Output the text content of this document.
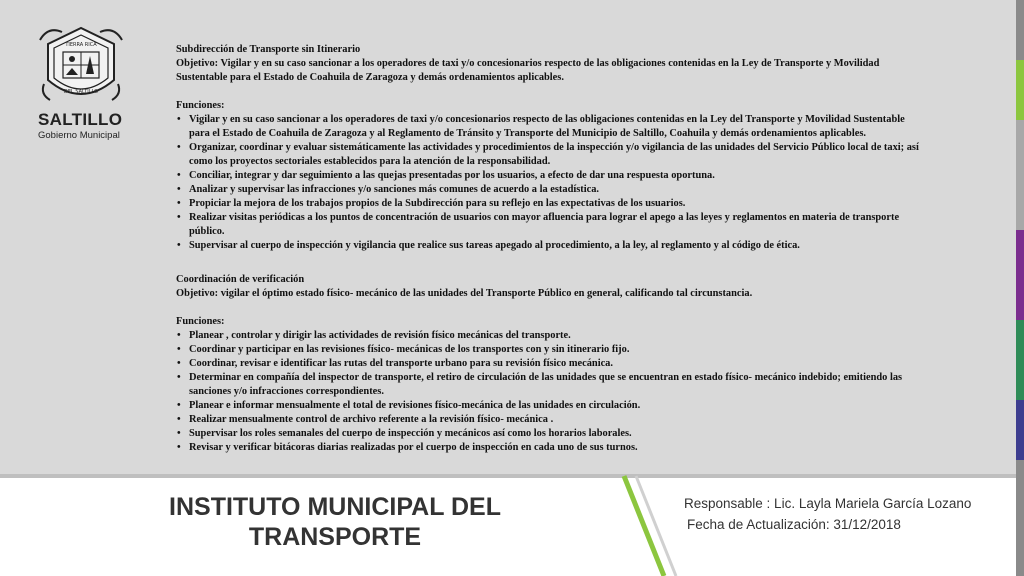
TIERRA RICA
DEL SALTILLO
SALTILLO
Gobierno Municipal

Subdirección de Transporte sin Itinerario

Objetivo: Vigilar y en su caso sancionar a los operadores de taxi y/o concesionarios respecto de las obligaciones contenidas en la Ley de Transporte y Movilidad Sustentable para el Estado de Coahuila de Zaragoza y demás ordenamientos aplicables.

Funciones:

• Vigilar y en su caso sancionar a los operadores de taxi y/o concesionarios respecto de las obligaciones contenidas en la Ley del Transporte y Movilidad Sustentable para el Estado de Coahuila de Zaragoza y al Reglamento de Tránsito y Transporte del Municipio de Saltillo, Coahuila y demás ordenamientos aplicables.
• Organizar, coordinar y evaluar sistemáticamente las actividades y procedimientos de la inspección y/o vigilancia de las unidades del Servicio Público local de taxi; así como los proyectos sectoriales establecidos para la atención de la responsabilidad.
• Conciliar, integrar y dar seguimiento a las quejas presentadas por los usuarios, a efecto de dar una respuesta oportuna.
• Analizar y supervisar las infracciones y/o sanciones más comunes de acuerdo a la estadística.
• Propiciar la mejora de los trabajos propios de la Subdirección para su reflejo en las expectativas de los usuarios.
• Realizar visitas periódicas a los puntos de concentración de usuarios con mayor afluencia para lograr el apego a las leyes y reglamentos en materia de transporte público.
• Supervisar al cuerpo de inspección y vigilancia que realice sus tareas apegado al procedimiento, a la ley, al reglamento y al código de ética.

Coordinación de verificación

Objetivo: vigilar el óptimo estado físico- mecánico de las unidades del Transporte Público en general, calificando tal circunstancia.

Funciones:

• Planear , controlar y dirigir las actividades de revisión físico mecánicas del transporte.
• Coordinar y participar en las revisiones físico- mecánicas de los transportes con y sin itinerario fijo.
• Coordinar, revisar e identificar las rutas del transporte urbano para su revisión físico mecánica.
• Determinar en compañía del inspector de transporte, el retiro de circulación de las unidades que se encuentran en estado físico- mecánico indebido; emitiendo las sanciones y/o infracciones correspondientes.
• Planear e informar mensualmente el total de revisiones físico-mecánica de las unidades en circulación.
• Realizar mensualmente control de archivo referente a la revisión físico- mecánica .
• Supervisar los roles semanales del cuerpo de inspección y mecánicos así como los horarios laborales.
• Revisar y verificar bitácoras diarias realizadas por el cuerpo de inspección en cada uno de sus turnos.
INSTITUTO MUNICIPAL DEL TRANSPORTE
Responsable : Lic. Layla Mariela García Lozano
Fecha de Actualización: 31/12/2018
